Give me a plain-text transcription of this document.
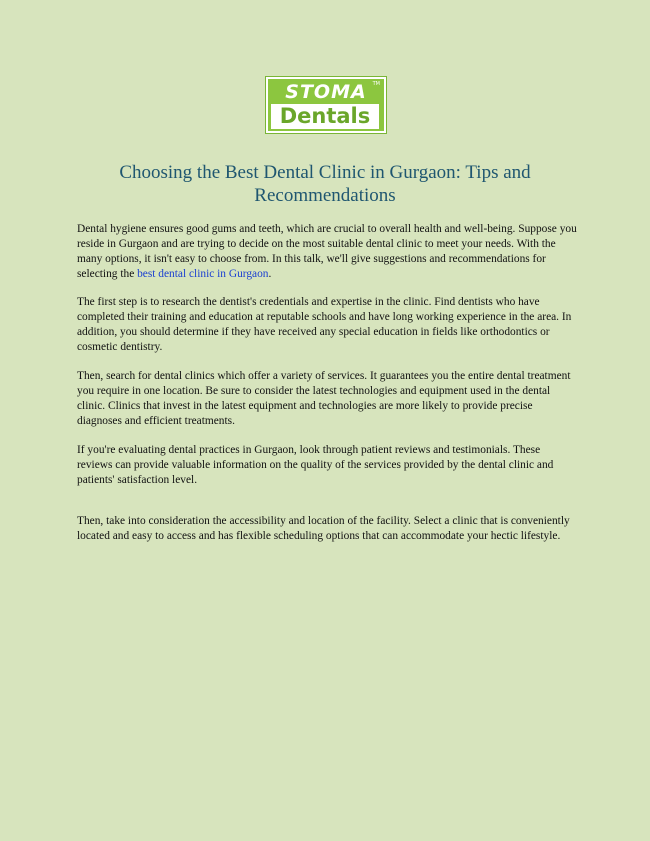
STOMA	TM
Dentals
Choosing the Best Dental Clinic in Gurgaon: Tips and Recommendations

Dental hygiene ensures good gums and teeth, which are crucial to overall health and well-being. Suppose you reside in Gurgaon and are trying to decide on the most suitable dental clinic to meet your needs. With the many options, it isn't easy to choose from. In this talk, we'll give suggestions and recommendations for selecting the best dental clinic in Gurgaon.

The first step is to research the dentist's credentials and expertise in the clinic. Find dentists who have completed their training and education at reputable schools and have long working experience in the area. In addition, you should determine if they have received any special education in fields like orthodontics or cosmetic dentistry.

Then, search for dental clinics which offer a variety of services. It guarantees you the entire dental treatment you require in one location. Be sure to consider the latest technologies and equipment used in the dental clinic. Clinics that invest in the latest equipment and technologies are more likely to provide precise diagnoses and efficient treatments.

If you're evaluating dental practices in Gurgaon, look through patient reviews and testimonials. These reviews can provide valuable information on the quality of the services provided by the dental clinic and patients' satisfaction level.

Then, take into consideration the accessibility and location of the facility. Select a clinic that is conveniently located and easy to access and has flexible scheduling options that can accommodate your hectic lifestyle.
